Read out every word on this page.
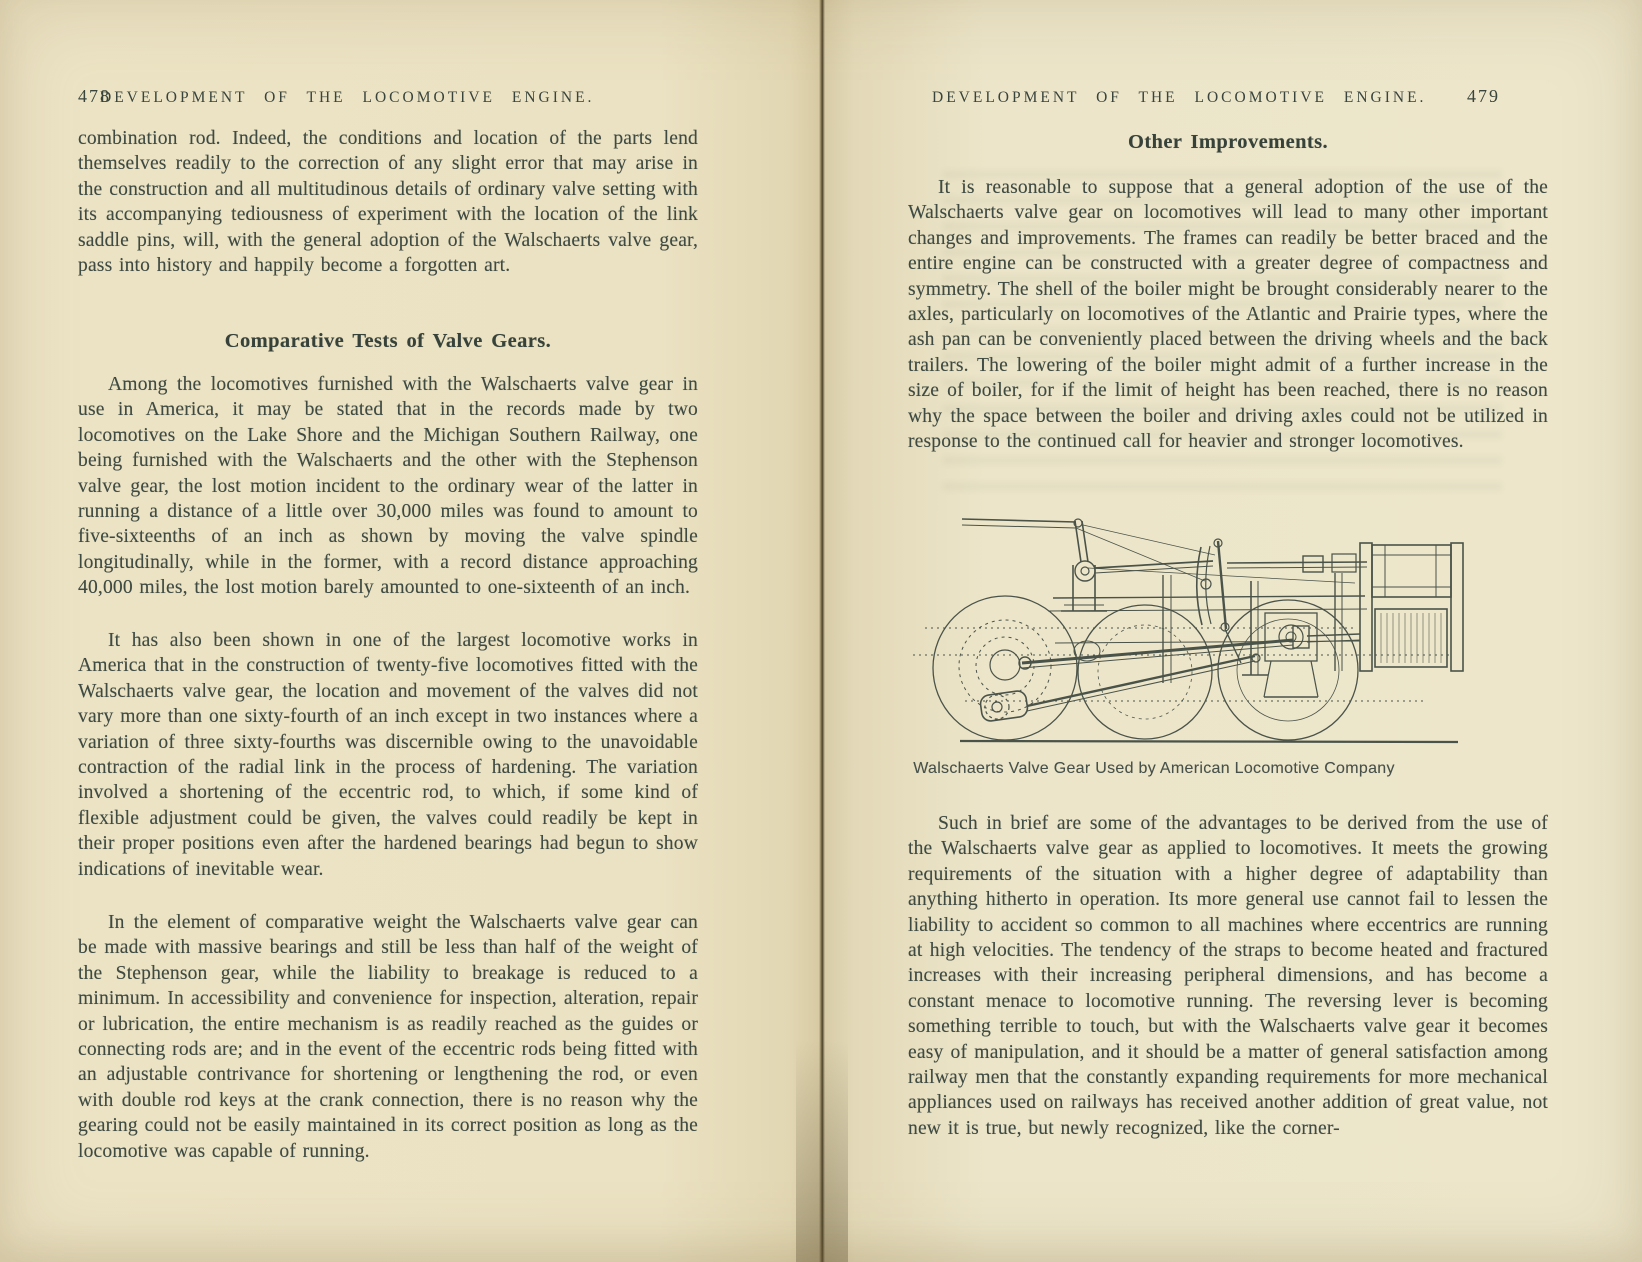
478
DEVELOPMENT OF THE LOCOMOTIVE ENGINE.

combination rod. Indeed, the conditions and location of the parts lend themselves readily to the correction of any slight error that may arise in the construction and all multitudinous details of ordinary valve setting with its accompanying tediousness of experiment with the location of the link saddle pins, will, with the general adoption of the Walschaerts valve gear, pass into history and happily become a forgotten art.

Comparative Tests of Valve Gears.

Among the locomotives furnished with the Walschaerts valve gear in use in America, it may be stated that in the records made by two locomotives on the Lake Shore and the Michigan Southern Railway, one being furnished with the Walschaerts and the other with the Stephenson valve gear, the lost motion incident to the ordinary wear of the latter in running a distance of a little over 30,000 miles was found to amount to five-sixteenths of an inch as shown by moving the valve spindle longitudinally, while in the former, with a record distance approaching 40,000 miles, the lost motion barely amounted to one-sixteenth of an inch.

It has also been shown in one of the largest locomotive works in America that in the construction of twenty-five locomotives fitted with the Walschaerts valve gear, the location and movement of the valves did not vary more than one sixty-fourth of an inch except in two instances where a variation of three sixty-fourths was discernible owing to the unavoidable contraction of the radial link in the process of hardening. The variation involved a shortening of the eccentric rod, to which, if some kind of flexible adjustment could be given, the valves could readily be kept in their proper positions even after the hardened bearings had begun to show indications of inevitable wear.

In the element of comparative weight the Walschaerts valve gear can be made with massive bearings and still be less than half of the weight of the Stephenson gear, while the liability to breakage is reduced to a minimum. In accessibility and convenience for inspection, alteration, repair or lubrication, the entire mechanism is as readily reached as the guides or connecting rods are; and in the event of the eccentric rods being fitted with an adjustable contrivance for shortening or lengthening the rod, or even with double rod keys at the crank connection, there is no reason why the gearing could not be easily maintained in its correct position as long as the locomotive was capable of running.

DEVELOPMENT OF THE LOCOMOTIVE ENGINE. 479
Other Improvements.

It is reasonable to suppose that a general adoption of the use of the Walschaerts valve gear on locomotives will lead to many other important changes and improvements. The frames can readily be better braced and the entire engine can be constructed with a greater degree of compactness and symmetry. The shell of the boiler might be brought considerably nearer to the axles, particularly on locomotives of the Atlantic and Prairie types, where the ash pan can be conveniently placed between the driving wheels and the back trailers. The lowering of the boiler might admit of a further increase in the size of boiler, for if the limit of height has been reached, there is no reason why the space between the boiler and driving axles could not be utilized in response to the continued call for heavier and stronger locomotives.

Walschaerts Valve Gear Used by American Locomotive Company

Such in brief are some of the advantages to be derived from the use of the Walschaerts valve gear as applied to locomotives. It meets the growing requirements of the situation with a higher degree of adaptability than anything hitherto in operation. Its more general use cannot fail to lessen the liability to accident so common to all machines where eccentrics are running at high velocities. The tendency of the straps to become heated and fractured increases with their increasing peripheral dimensions, and has become a constant menace to locomotive running. The reversing lever is becoming something terrible to touch, but with the Walschaerts valve gear it becomes easy of manipulation, and it should be a matter of general satisfaction among railway men that the constantly expanding requirements for more mechanical appliances used on railways has received another addition of great value, not new it is true, but newly recognized, like the corner-
